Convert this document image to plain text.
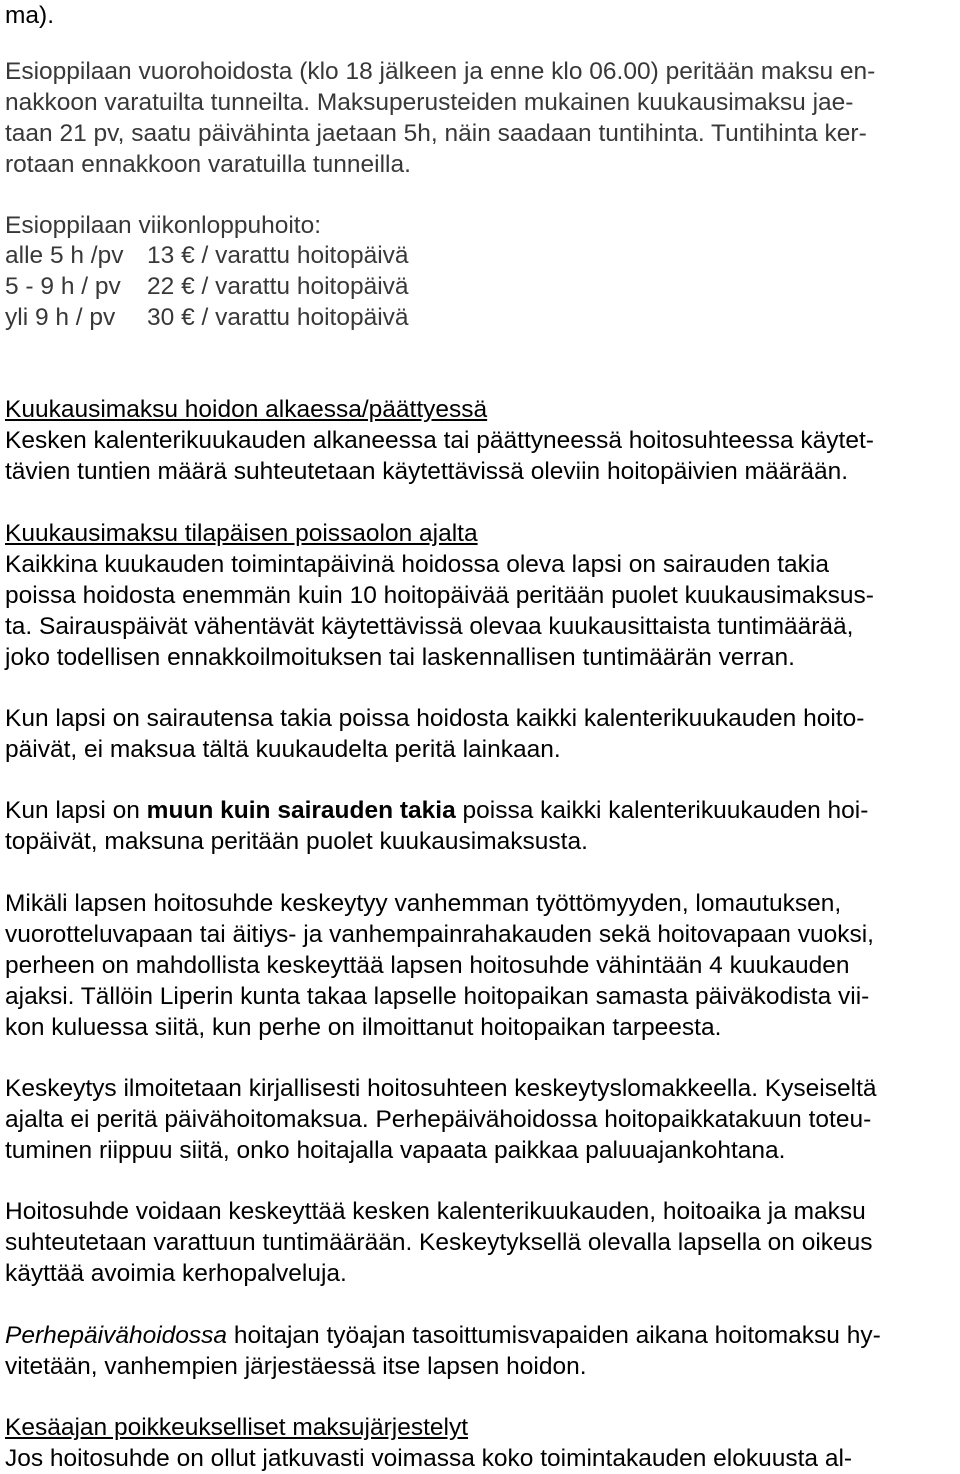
ma).
Esioppilaan vuorohoidosta (klo 18 jälkeen ja enne klo 06.00) peritään maksu en-
nakkoon varatuilta tunneilta. Maksuperusteiden mukainen kuukausimaksu jae-
taan 21 pv, saatu päivähinta jaetaan 5h, näin saadaan tuntihinta. Tuntihinta ker-
rotaan ennakkoon varatuilla tunneilla.
Esioppilaan viikonloppuhoito:
alle 5 h /pv 13 € / varattu hoitopäivä
5 - 9 h / pv 22 € / varattu hoitopäivä
yli 9 h / pv 30 € / varattu hoitopäivä
Kuukausimaksu hoidon alkaessa/päättyessä
Kesken kalenterikuukauden alkaneessa tai päättyneessä hoitosuhteessa käytet-
tävien tuntien määrä suhteutetaan käytettävissä oleviin hoitopäivien määrään.
Kuukausimaksu tilapäisen poissaolon ajalta
Kaikkina kuukauden toimintapäivinä hoidossa oleva lapsi on sairauden takia
poissa hoidosta enemmän kuin 10 hoitopäivää peritään puolet kuukausimaksus-
ta. Sairauspäivät vähentävät käytettävissä olevaa kuukausittaista tuntimäärää,
joko todellisen ennakkoilmoituksen tai laskennallisen tuntimäärän verran.
Kun lapsi on sairautensa takia poissa hoidosta kaikki kalenterikuukauden hoito-
päivät, ei maksua tältä kuukaudelta peritä lainkaan.
Kun lapsi on muun kuin sairauden takia poissa kaikki kalenterikuukauden hoi-
topäivät, maksuna peritään puolet kuukausimaksusta.
Mikäli lapsen hoitosuhde keskeytyy vanhemman työttömyyden, lomautuksen,
vuorotteluvapaan tai äitiys- ja vanhempainrahakauden sekä hoitovapaan vuoksi,
perheen on mahdollista keskeyttää lapsen hoitosuhde vähintään 4 kuukauden
ajaksi. Tällöin Liperin kunta takaa lapselle hoitopaikan samasta päiväkodista vii-
kon kuluessa siitä, kun perhe on ilmoittanut hoitopaikan tarpeesta.
Keskeytys ilmoitetaan kirjallisesti hoitosuhteen keskeytyslomakkeella. Kyseiseltä
ajalta ei peritä päivähoitomaksua. Perhepäivähoidossa hoitopaikkatakuun toteu-
tuminen riippuu siitä, onko hoitajalla vapaata paikkaa paluuajankohtana.
Hoitosuhde voidaan keskeyttää kesken kalenterikuukauden, hoitoaika ja maksu
suhteutetaan varattuun tuntimäärään. Keskeytyksellä olevalla lapsella on oikeus
käyttää avoimia kerhopalveluja.
Perhepäivähoidossa hoitajan työajan tasoittumisvapaiden aikana hoitomaksu hy-
vitetään, vanhempien järjestäessä itse lapsen hoidon.
Kesäajan poikkeukselliset maksujärjestelyt
Jos hoitosuhde on ollut jatkuvasti voimassa koko toimintakauden elokuusta al-
